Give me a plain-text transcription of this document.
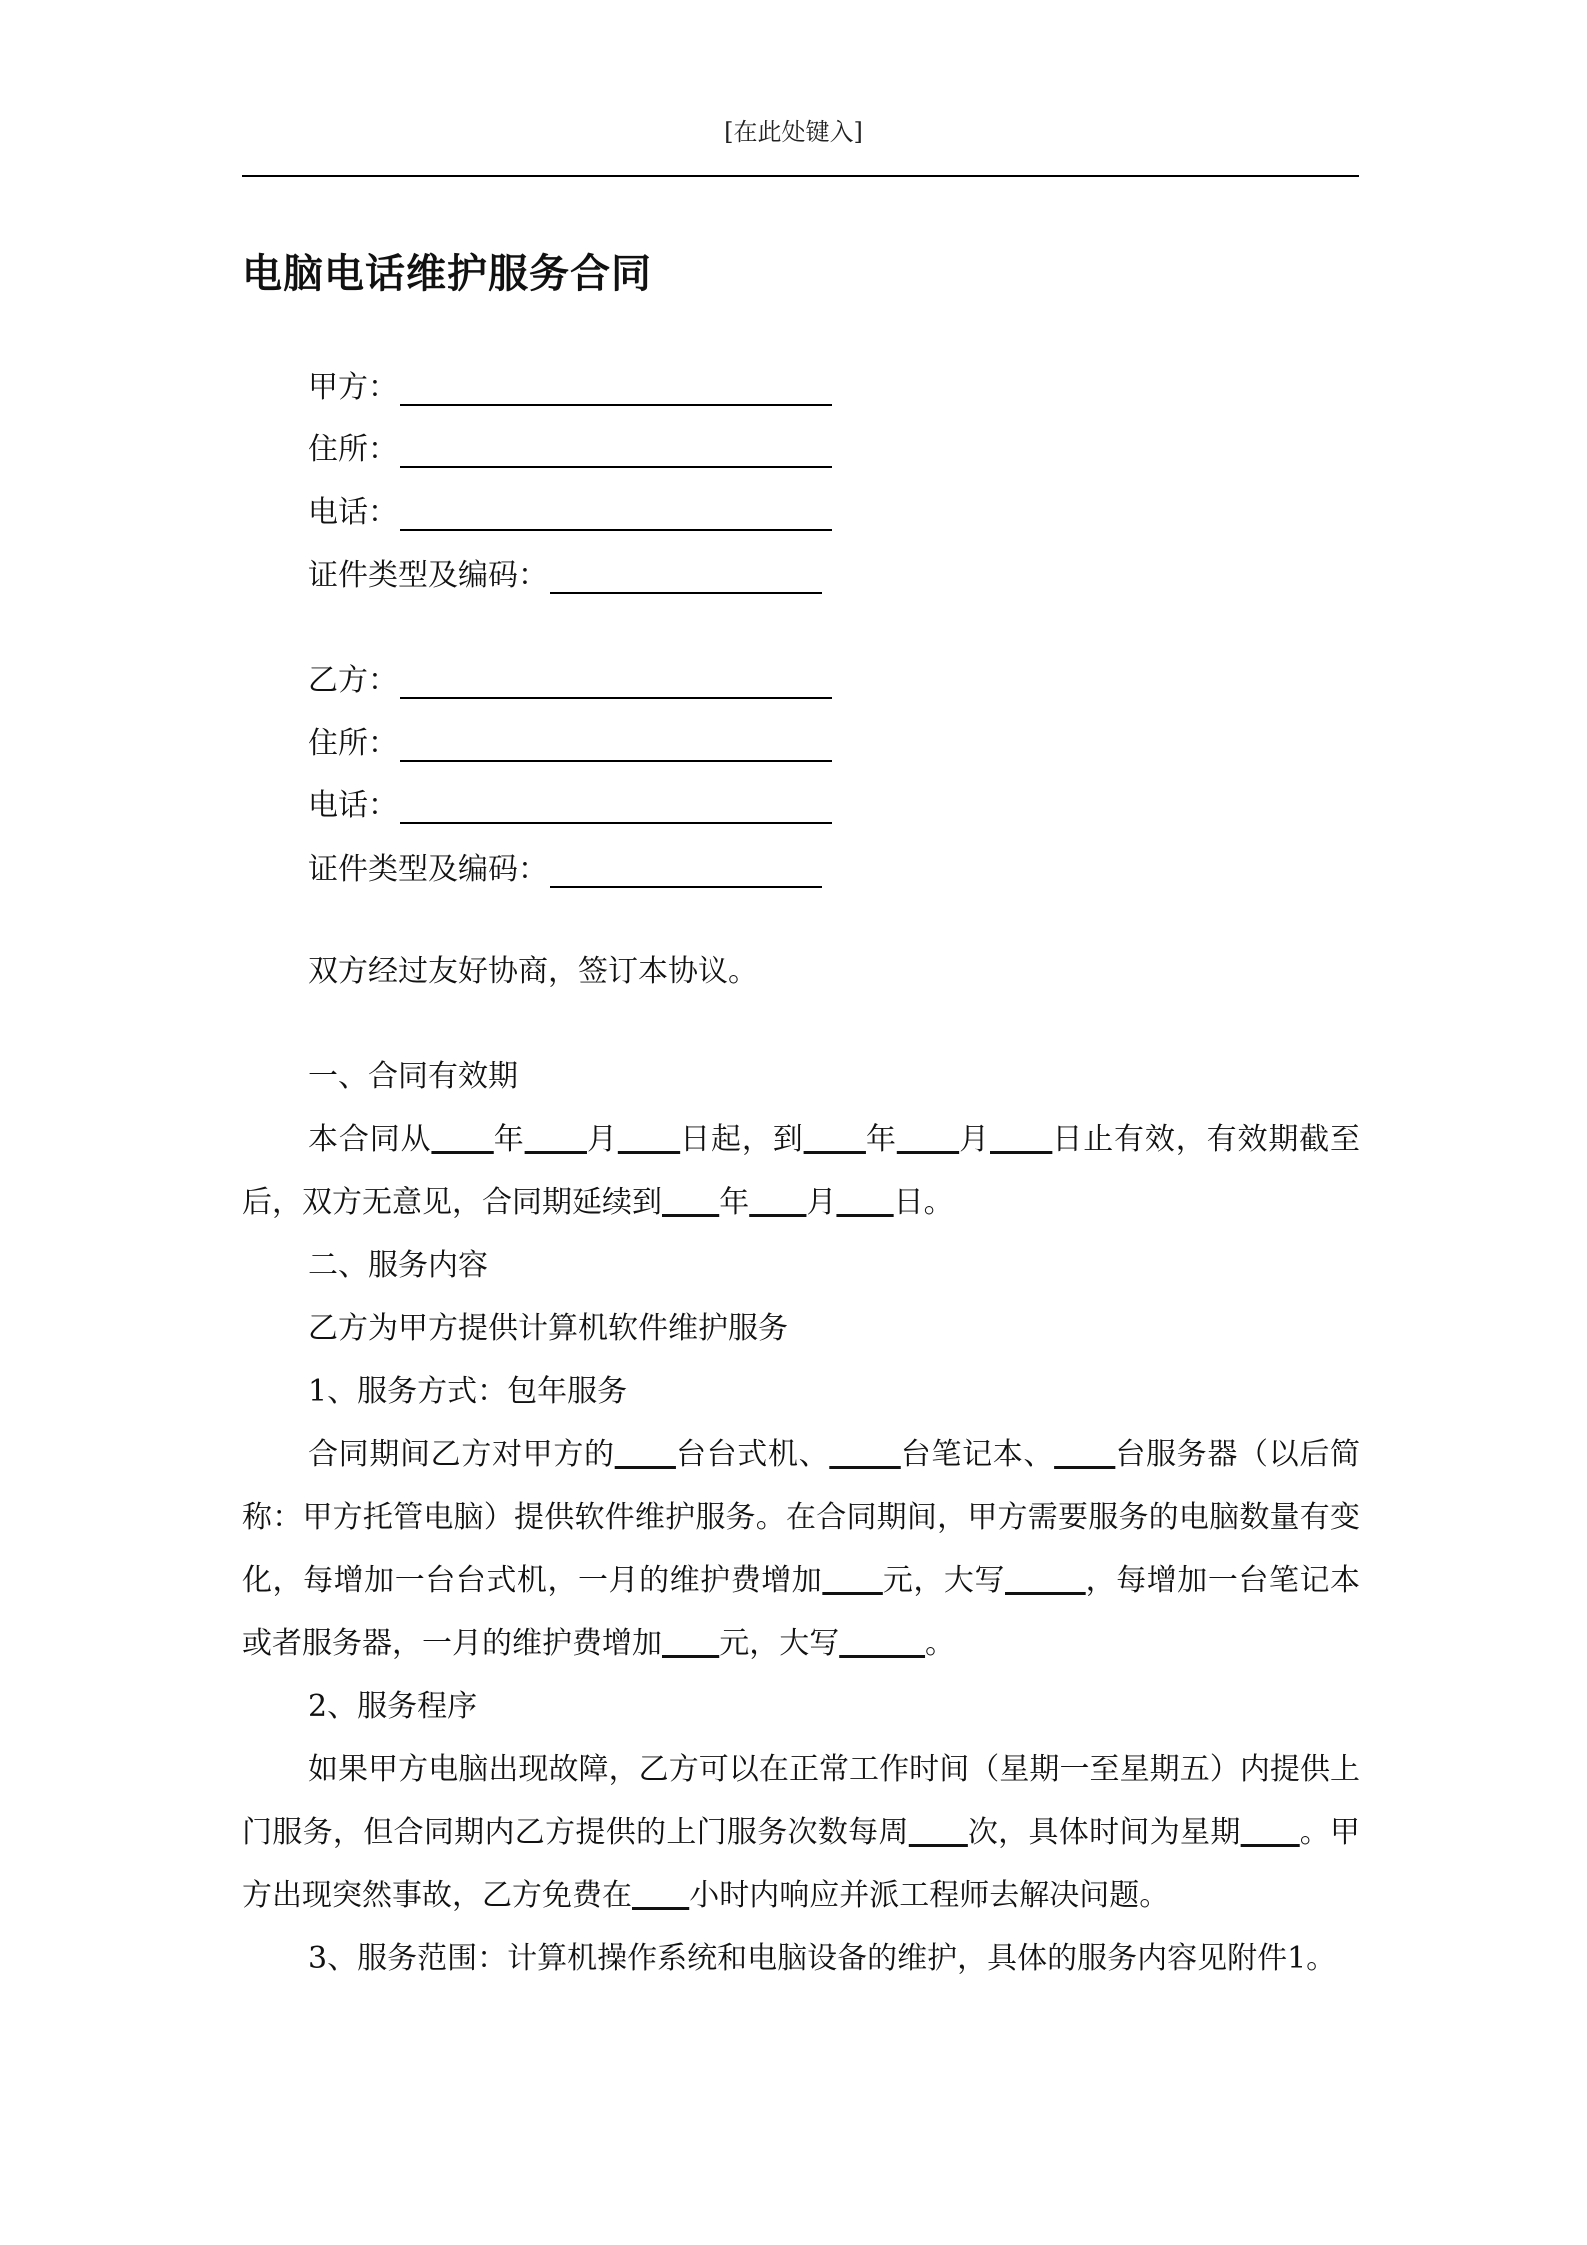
[在此处键入]
电脑电话维护服务合同
甲方：
住所：
电话：
证件类型及编码：
乙方：
住所：
电话：
证件类型及编码：

双方经过友好协商，签订本协议。

一、合同有效期

本合同从 年 月 日起，到 年 月 日止有效，有效期截至后，双方无意见，合同期延续到 年 月 日。

二、服务内容

乙方为甲方提供计算机软件维护服务

1、服务方式：包年服务

合同期间乙方对甲方的 台台式机、 台笔记本、 台服务器（以后简称：甲方托管电脑）提供软件维护服务。在合同期间，甲方需要服务的电脑数量有变化，每增加一台台式机，一月的维护费增加 元，大写	，每增加一台笔记本或者服务器，一月的维护费增加 元，大写	。

2、服务程序

如果甲方电脑出现故障，乙方可以在正常工作时间（星期一至星期五）内提供上门服务，但合同期内乙方提供的上门服务次数每周 次，具体时间为星期 。甲方出现突然事故，乙方免费在 小时内响应并派工程师去解决问题。

3、服务范围：计算机操作系统和电脑设备的维护，具体的服务内容见附件1。
